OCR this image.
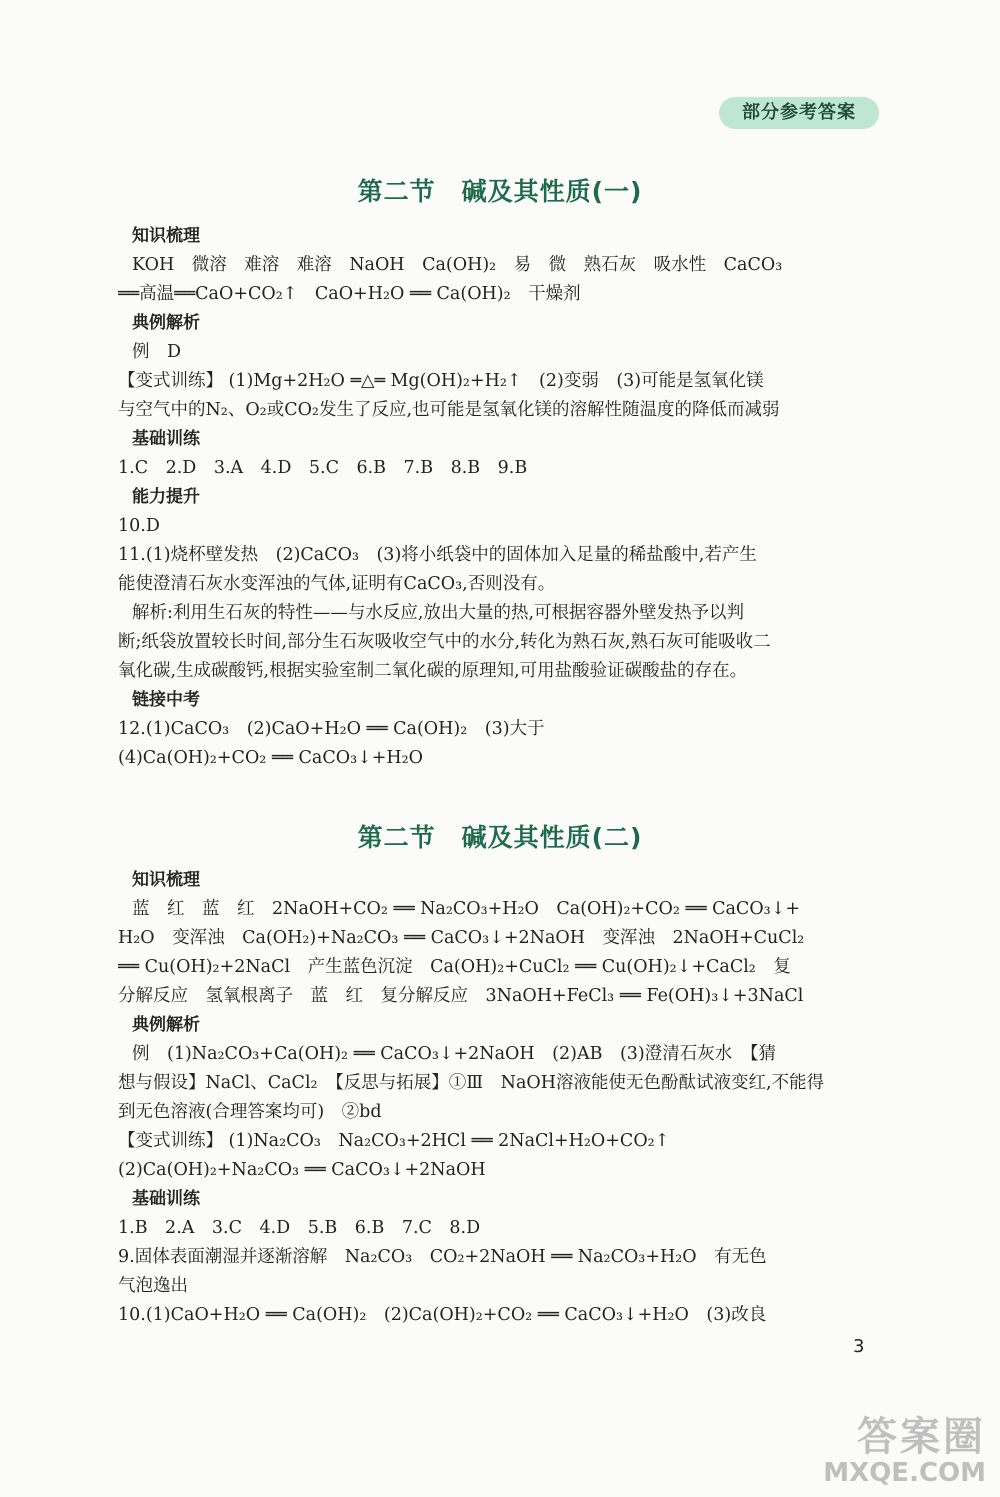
部分参考答案
第二节　碱及其性质(一)
知识梳理
KOH　微溶　难溶　难溶　NaOH　Ca(OH)₂　易　微　熟石灰　吸水性　CaCO₃
══高温══CaO+CO₂↑　CaO+H₂O ══ Ca(OH)₂　干燥剂
典例解析
例　D
【变式训练】 (1)Mg+2H₂O ═△═ Mg(OH)₂+H₂↑　(2)变弱　(3)可能是氢氧化镁
与空气中的N₂、O₂或CO₂发生了反应,也可能是氢氧化镁的溶解性随温度的降低而减弱
基础训练
1.C　2.D　3.A　4.D　5.C　6.B　7.B　8.B　9.B
能力提升
10.D
11.(1)烧杯壁发热　(2)CaCO₃　(3)将小纸袋中的固体加入足量的稀盐酸中,若产生
能使澄清石灰水变浑浊的气体,证明有CaCO₃,否则没有。
解析:利用生石灰的特性——与水反应,放出大量的热,可根据容器外壁发热予以判
断;纸袋放置较长时间,部分生石灰吸收空气中的水分,转化为熟石灰,熟石灰可能吸收二
氧化碳,生成碳酸钙,根据实验室制二氧化碳的原理知,可用盐酸验证碳酸盐的存在。
链接中考
12.(1)CaCO₃　(2)CaO+H₂O ══ Ca(OH)₂　(3)大于
(4)Ca(OH)₂+CO₂ ══ CaCO₃↓+H₂O
第二节　碱及其性质(二)
知识梳理
蓝　红　蓝　红　2NaOH+CO₂ ══ Na₂CO₃+H₂O　Ca(OH)₂+CO₂ ══ CaCO₃↓+
H₂O　变浑浊　Ca(OH₂)+Na₂CO₃ ══ CaCO₃↓+2NaOH　变浑浊　2NaOH+CuCl₂
══ Cu(OH)₂+2NaCl　产生蓝色沉淀　Ca(OH)₂+CuCl₂ ══ Cu(OH)₂↓+CaCl₂　复
分解反应　氢氧根离子　蓝　红　复分解反应　3NaOH+FeCl₃ ══ Fe(OH)₃↓+3NaCl
典例解析
例　(1)Na₂CO₃+Ca(OH)₂ ══ CaCO₃↓+2NaOH　(2)AB　(3)澄清石灰水　【猜
想与假设】NaCl、CaCl₂　【反思与拓展】①Ⅲ　NaOH溶液能使无色酚酞试液变红,不能得
到无色溶液(合理答案均可)　②bd
【变式训练】 (1)Na₂CO₃　Na₂CO₃+2HCl ══ 2NaCl+H₂O+CO₂↑
(2)Ca(OH)₂+Na₂CO₃ ══ CaCO₃↓+2NaOH
基础训练
1.B　2.A　3.C　4.D　5.B　6.B　7.C　8.D
9.固体表面潮湿并逐渐溶解　Na₂CO₃　CO₂+2NaOH ══ Na₂CO₃+H₂O　有无色
气泡逸出
10.(1)CaO+H₂O ══ Ca(OH)₂　(2)Ca(OH)₂+CO₂ ══ CaCO₃↓+H₂O　(3)改良
3
答案圈
MXQE.COM
